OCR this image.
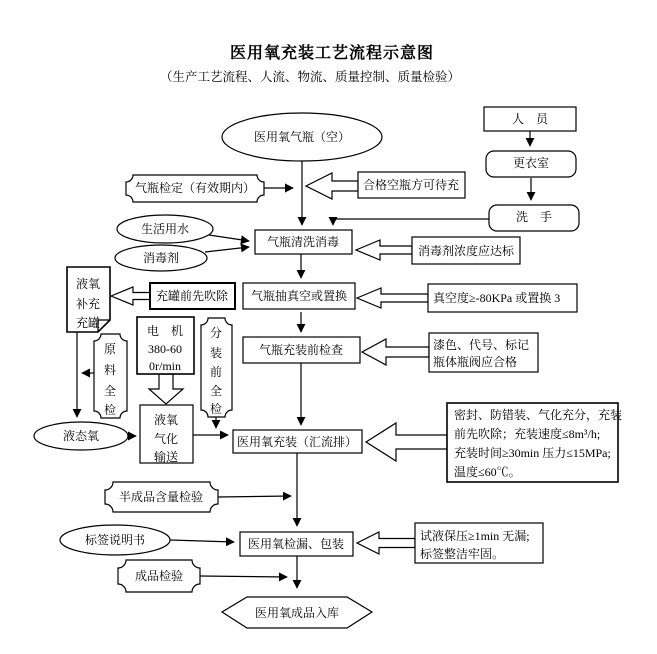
医用氧充装工艺流程示意图
（生产工艺流程、人流、物流、质量控制、质量检验）
人　员
更衣室
洗　手
医用氧气瓶（空）
气瓶检定（有效期内）	合格空瓶方可待充
生活用水
消毒剂
气瓶清洗消毒
消毒剂浓度应达标
气瓶抽真空或置换	真空度≥-80KPa 或置换 3
充罐前先吹除
液氧
补充
充罐
原
料
全
检
电　机
380-60
0r/min
分
装
前
全
检
液氧
气化
输送
液态氧
气瓶充装前检查	漆色、代号、标记
瓶体瓶阀应合格
医用氧充装（汇流排）
密封、防错装、气化充分，充装
前先吹除；充装速度≤8m³/h;
充装时间≥30min 压力≤15MPa;
温度≤60℃。
半成品含量检验
标签说明书	医用氧检漏、包装
试液保压≥1min 无漏;
标签整洁牢固。
成品检验
医用氧成品入库
